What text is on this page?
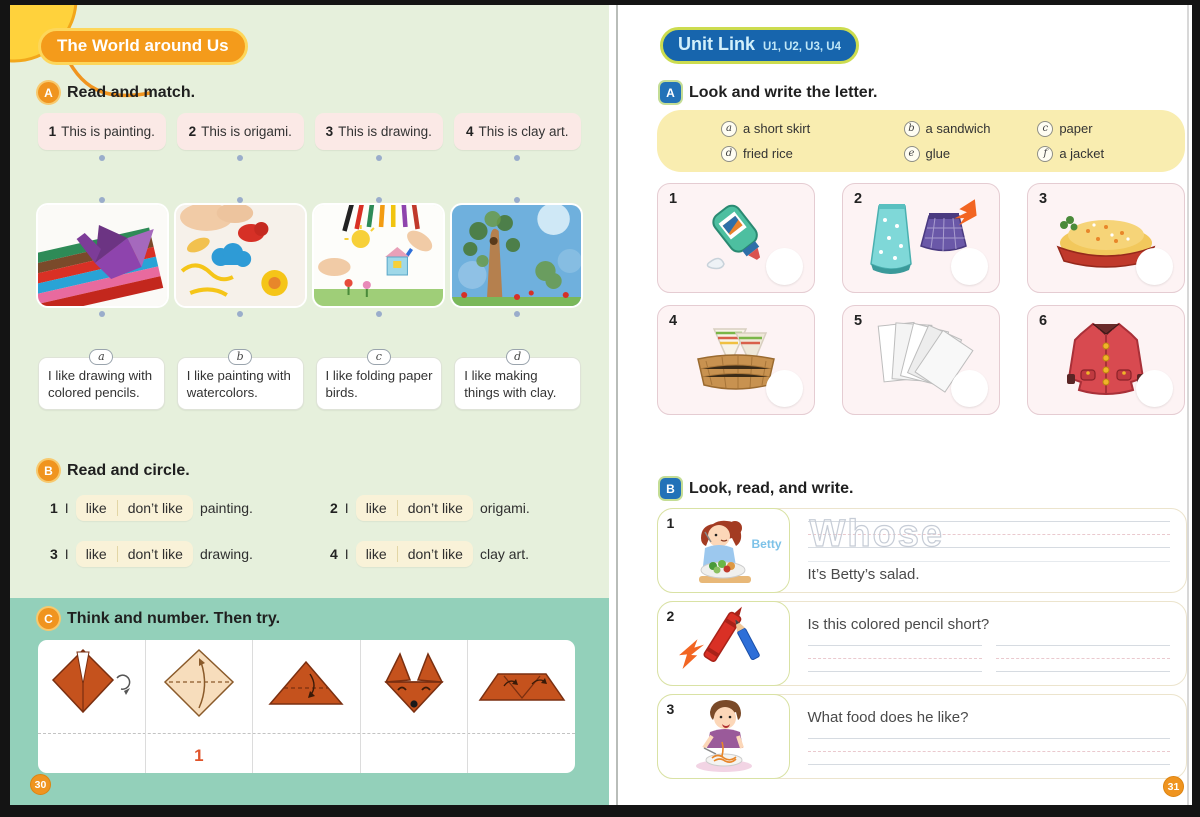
The World around Us
A Read and match.
1 This is painting. 2 This is origami. 3 This is drawing.	4 This is clay art.
a
I like drawing with colored pencils.
b
I like painting with watercolors.
c
I like folding paper birds.
d
I like making things with clay.
B Read and circle.
1 I like don’t like painting.	2 I like don’t like origami.
3 I like don’t like drawing.	4 I like don’t like clay art.
C Think and number. Then try.
1
30
Unit Link U1, U2, U3, U4
A Look and write the letter.
a a short skirt	b a sandwich	c paper
d fried rice	e glue	f a jacket
1	2	3
4	5	6
B Look, read, and write.
1
Betty Whose
It’s Betty’s salad.
2
Is this colored pencil short?
3
What food does he like?
31
